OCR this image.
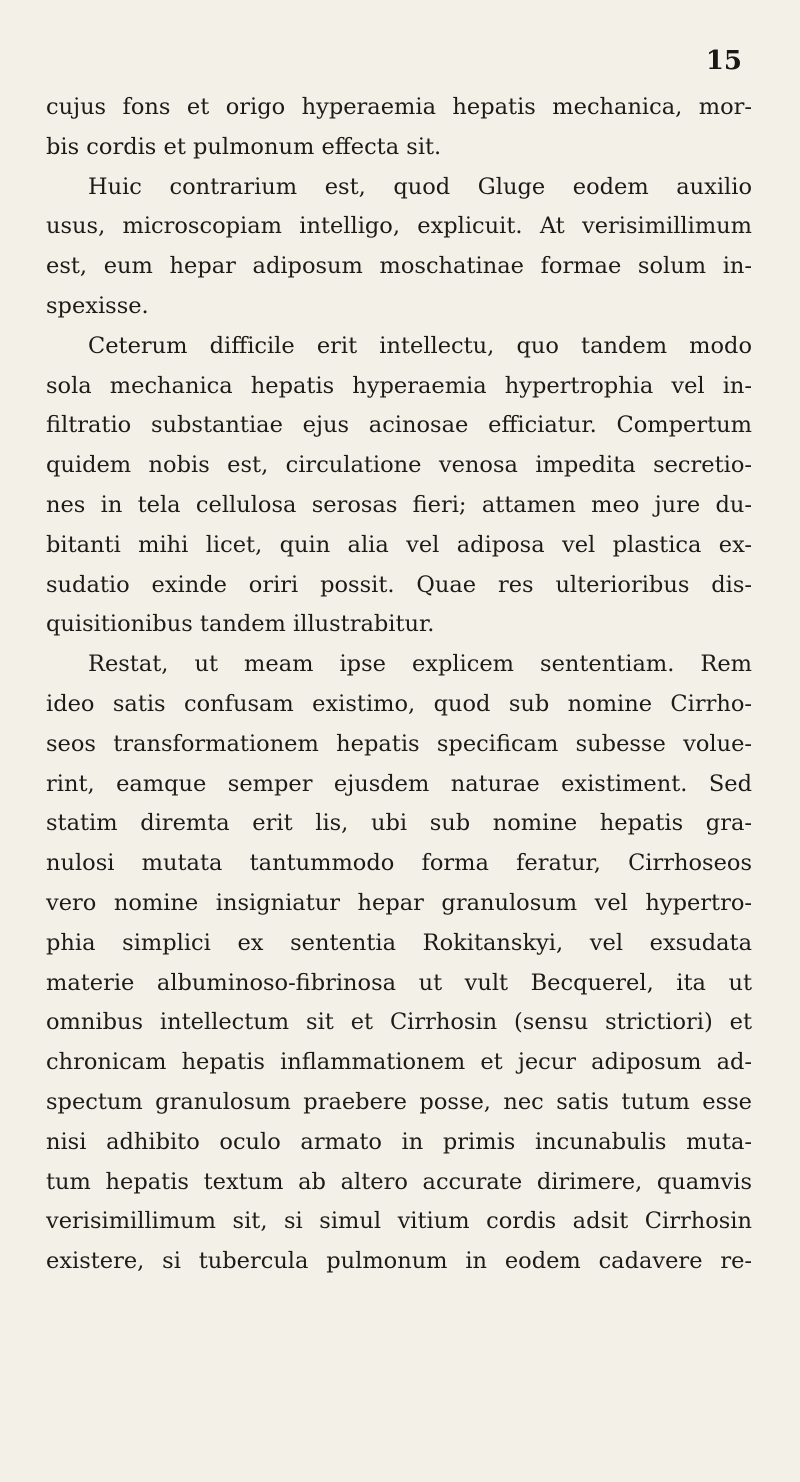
15
cujus fons et origo hyperaemia hepatis mechanica, mor-
bis cordis et pulmonum effecta sit.
Huic contrarium est, quod Gluge eodem auxilio
usus, microscopiam intelligo, explicuit. At verisimillimum
est, eum hepar adiposum moschatinae formae solum in-
spexisse.
Ceterum difficile erit intellectu, quo tandem modo
sola mechanica hepatis hyperaemia hypertrophia vel in-
filtratio substantiae ejus acinosae efficiatur. Compertum
quidem nobis est, circulatione venosa impedita secretio-
nes in tela cellulosa serosas fieri; attamen meo jure du-
bitanti mihi licet, quin alia vel adiposa vel plastica ex-
sudatio exinde oriri possit. Quae res ulterioribus dis-
quisitionibus tandem illustrabitur.
Restat, ut meam ipse explicem sententiam. Rem
ideo satis confusam existimo, quod sub nomine Cirrho-
seos transformationem hepatis specificam subesse volue-
rint, eamque semper ejusdem naturae existiment. Sed
statim diremta erit lis, ubi sub nomine hepatis gra-
nulosi mutata tantummodo forma feratur, Cirrhoseos
vero nomine insigniatur hepar granulosum vel hypertro-
phia simplici ex sententia Rokitanskyi, vel exsudata
materie albuminoso-fibrinosa ut vult Becquerel, ita ut
omnibus intellectum sit et Cirrhosin (sensu strictiori) et
chronicam hepatis inflammationem et jecur adiposum ad-
spectum granulosum praebere posse, nec satis tutum esse
nisi adhibito oculo armato in primis incunabulis muta-
tum hepatis textum ab altero accurate dirimere, quamvis
verisimillimum sit, si simul vitium cordis adsit Cirrhosin
existere, si tubercula pulmonum in eodem cadavere re-
